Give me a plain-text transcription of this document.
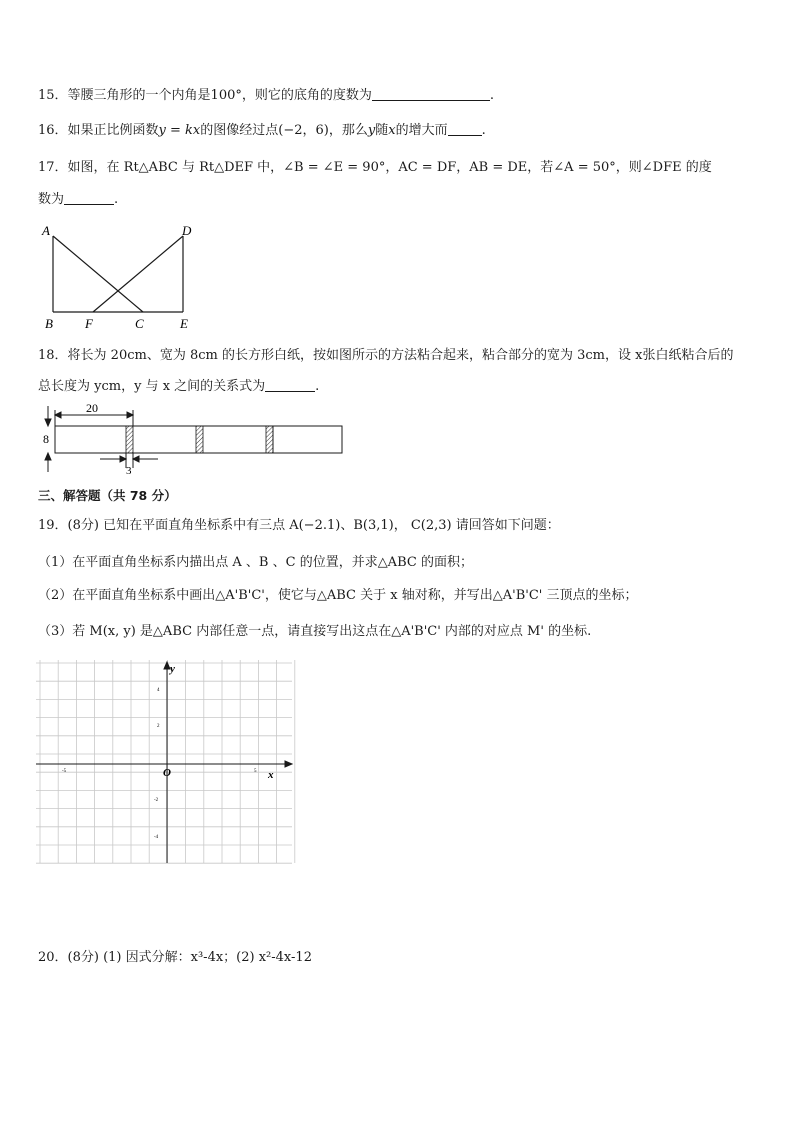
15．等腰三角形的一个内角是100°，则它的底角的度数为	.
16．如果正比例函数y = kx的图像经过点(−2，6)，那么y随x的增大而	.
17．如图，在 Rt△ABC 与 Rt△DEF 中，∠B = ∠E = 90°，AC = DF，AB = DE，若∠A = 50°，则∠DFE 的度
数为	.
A	D
B F	C	E
18．将长为 20cm、宽为 8cm 的长方形白纸，按如图所示的方法粘合起来，粘合部分的宽为 3cm，设 x张白纸粘合后的
总长度为 ycm，y 与 x 之间的关系式为	.
20
8
3
三、解答题（共 78 分）
19．(8分) 已知在平面直角坐标系中有三点 A(−2.1)、B(3,1)， C(2,3) 请回答如下问题：
（1）在平面直角坐标系内描出点 A 、B 、C 的位置，并求△ABC 的面积；
（2）在平面直角坐标系中画出△A'B'C'，使它与△ABC 关于 x 轴对称，并写出△A'B'C' 三顶点的坐标；
（3）若 M(x, y) 是△ABC 内部任意一点，请直接写出这点在△A'B'C' 内部的对应点 M' 的坐标.
x
y
O
-5	5
4
2
-2
-4
20．(8分) (1) 因式分解：x³-4x；(2) x²-4x-12
